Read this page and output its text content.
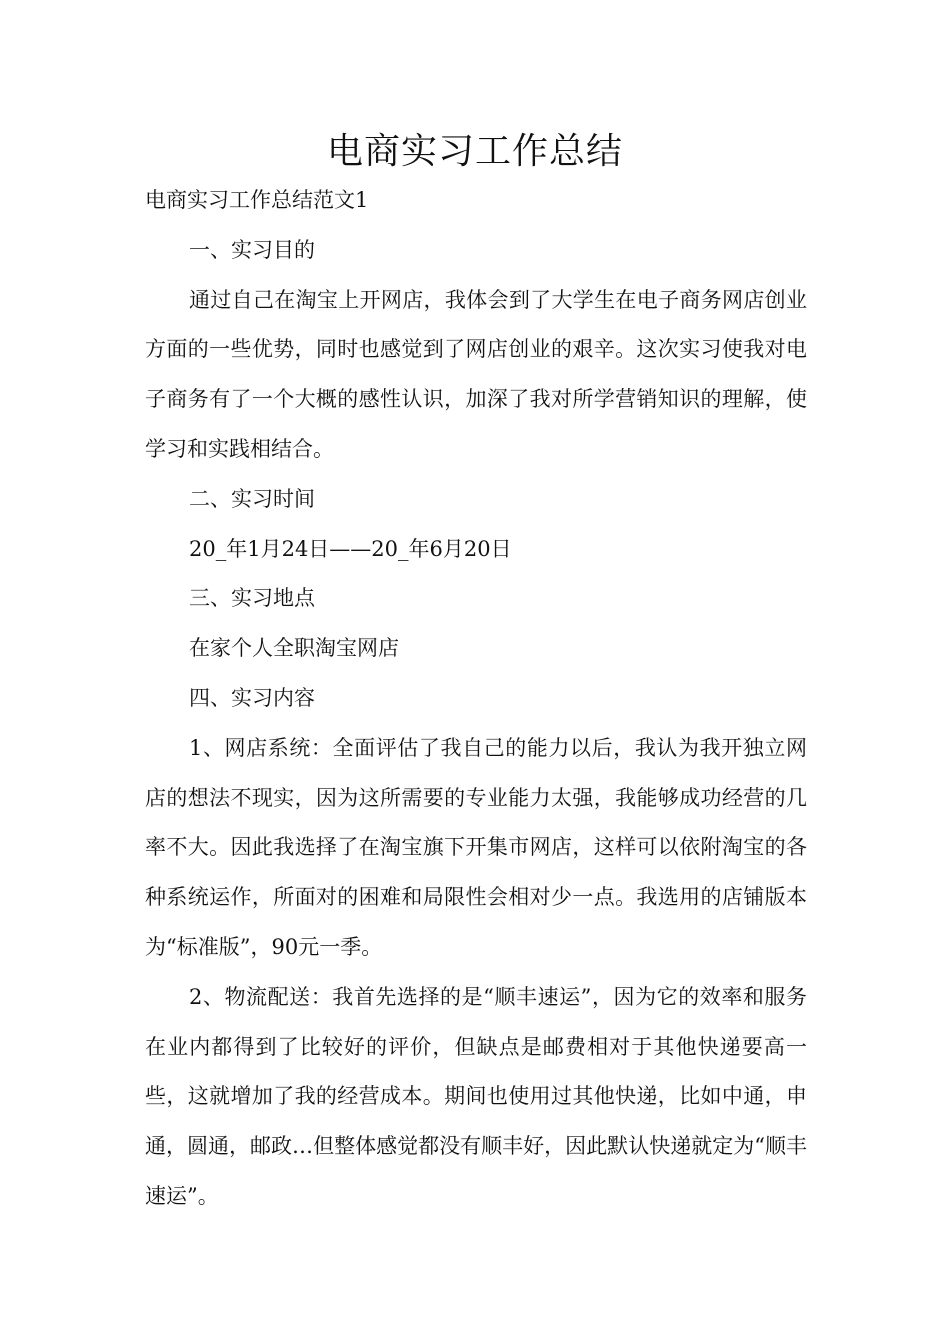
电商实习工作总结

电商实习工作总结范文1

一、实习目的

通过自己在淘宝上开网店，我体会到了大学生在电子商务网店创业方面的一些优势，同时也感觉到了网店创业的艰辛。这次实习使我对电子商务有了一个大概的感性认识，加深了我对所学营销知识的理解，使学习和实践相结合。

二、实习时间

20_年1月24日——20_年6月20日

三、实习地点

在家个人全职淘宝网店

四、实习内容

1、网店系统：全面评估了我自己的能力以后，我认为我开独立网店的想法不现实，因为这所需要的专业能力太强，我能够成功经营的几率不大。因此我选择了在淘宝旗下开集市网店，这样可以依附淘宝的各种系统运作，所面对的困难和局限性会相对少一点。我选用的店铺版本为“标准版”，90元一季。

2、物流配送：我首先选择的是“顺丰速运”，因为它的效率和服务在业内都得到了比较好的评价，但缺点是邮费相对于其他快递要高一些，这就增加了我的经营成本。期间也使用过其他快递，比如中通，申通，圆通，邮政…但整体感觉都没有顺丰好，因此默认快递就定为“顺丰速运”。
